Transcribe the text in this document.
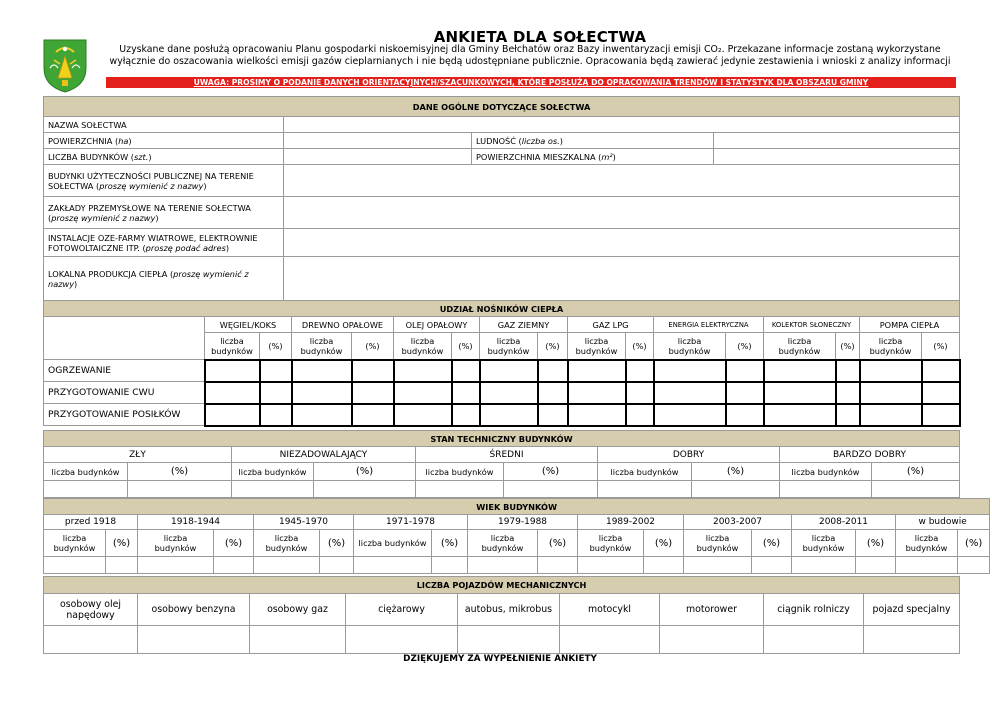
ANKIETA DLA SOŁECTWA
Uzyskane dane posłużą opracowaniu Planu gospodarki niskoemisyjnej dla Gminy Bełchatów oraz Bazy inwentaryzacji emisji CO₂. Przekazane informacje zostaną wykorzystane
wyłącznie do oszacowania wielkości emisji gazów cieplarnianych i nie będą udostępniane publicznie. Opracowania będą zawierać jedynie zestawienia i wnioski z analizy informacji
UWAGA: PROSIMY O PODANIE DANYCH ORIENTACYJNYCH/SZACUNKOWYCH, KTÓRE POSŁUŻĄ DO OPRACOWANIA TRENDÓW I STATYSTYK DLA OBSZARU GMINY
DANE OGÓLNE DOTYCZĄCE SOŁECTWA			
NAZWA SOŁECTWA			
POWIERZCHNIA (ha)		LUDNOŚĆ (liczba os.)	
LICZBA BUDYNKÓW (szt.)		POWIERZCHNIA MIESZKALNA (m²)	
BUDYNKI UŻYTECZNOŚCI PUBLICZNEJ NA TERENIE SOŁECTWA (proszę wymienić z nazwy)			
ZAKŁADY PRZEMYSŁOWE NA TERENIE SOŁECTWA (proszę wymienić z nazwy)			
INSTALACJE OZE-FARMY WIATROWE, ELEKTROWNIE FOTOWOLTAICZNE ITP. (proszę podać adres)			
LOKALNA PRODUKCJA CIEPŁA (proszę wymienić z nazwy)			
UDZIAŁ NOŚNIKÓW CIEPŁA																
	WĘGIEL/KOKS		DREWNO OPAŁOWE		OLEJ OPAŁOWY		GAZ ZIEMNY		GAZ LPG		ENERGIA ELEKTRYCZNA		KOLEKTOR SŁONECZNY		POMPA CIEPŁA	
	liczba budynków	(%)	liczba budynków	(%)	liczba budynków	(%)	liczba budynków	(%)	liczba budynków	(%)	liczba budynków	(%)	liczba budynków	(%)	liczba budynków	(%)
OGRZEWANIE																
PRZYGOTOWANIE CWU																
PRZYGOTOWANIE POSIŁKÓW																
STAN TECHNICZNY BUDYNKÓW									
ZŁY		NIEZADOWALAJĄCY		ŚREDNI		DOBRY		BARDZO DOBRY	
liczba budynków	(%)	liczba budynków	(%)	liczba budynków	(%)	liczba budynków	(%)	liczba budynków	(%)

WIEK BUDYNKÓW																	
przed 1918		1918-1944		1945-1970		1971-1978		1979-1988		1989-2002		2003-2007		2008-2011		w budowie	
liczba budynków	(%)	liczba budynków	(%)	liczba budynków	(%)	liczba budynków	(%)	liczba budynków	(%)	liczba budynków	(%)	liczba budynków	(%)	liczba budynków	(%)	liczba budynków	(%)

LICZBA POJAZDÓW MECHANICZNYCH								
osobowy olej napędowy	osobowy benzyna	osobowy gaz	ciężarowy	autobus, mikrobus	motocykl	motorower	ciągnik rolniczy	pojazd specjalny

DZIĘKUJEMY ZA WYPEŁNIENIE ANKIETY
